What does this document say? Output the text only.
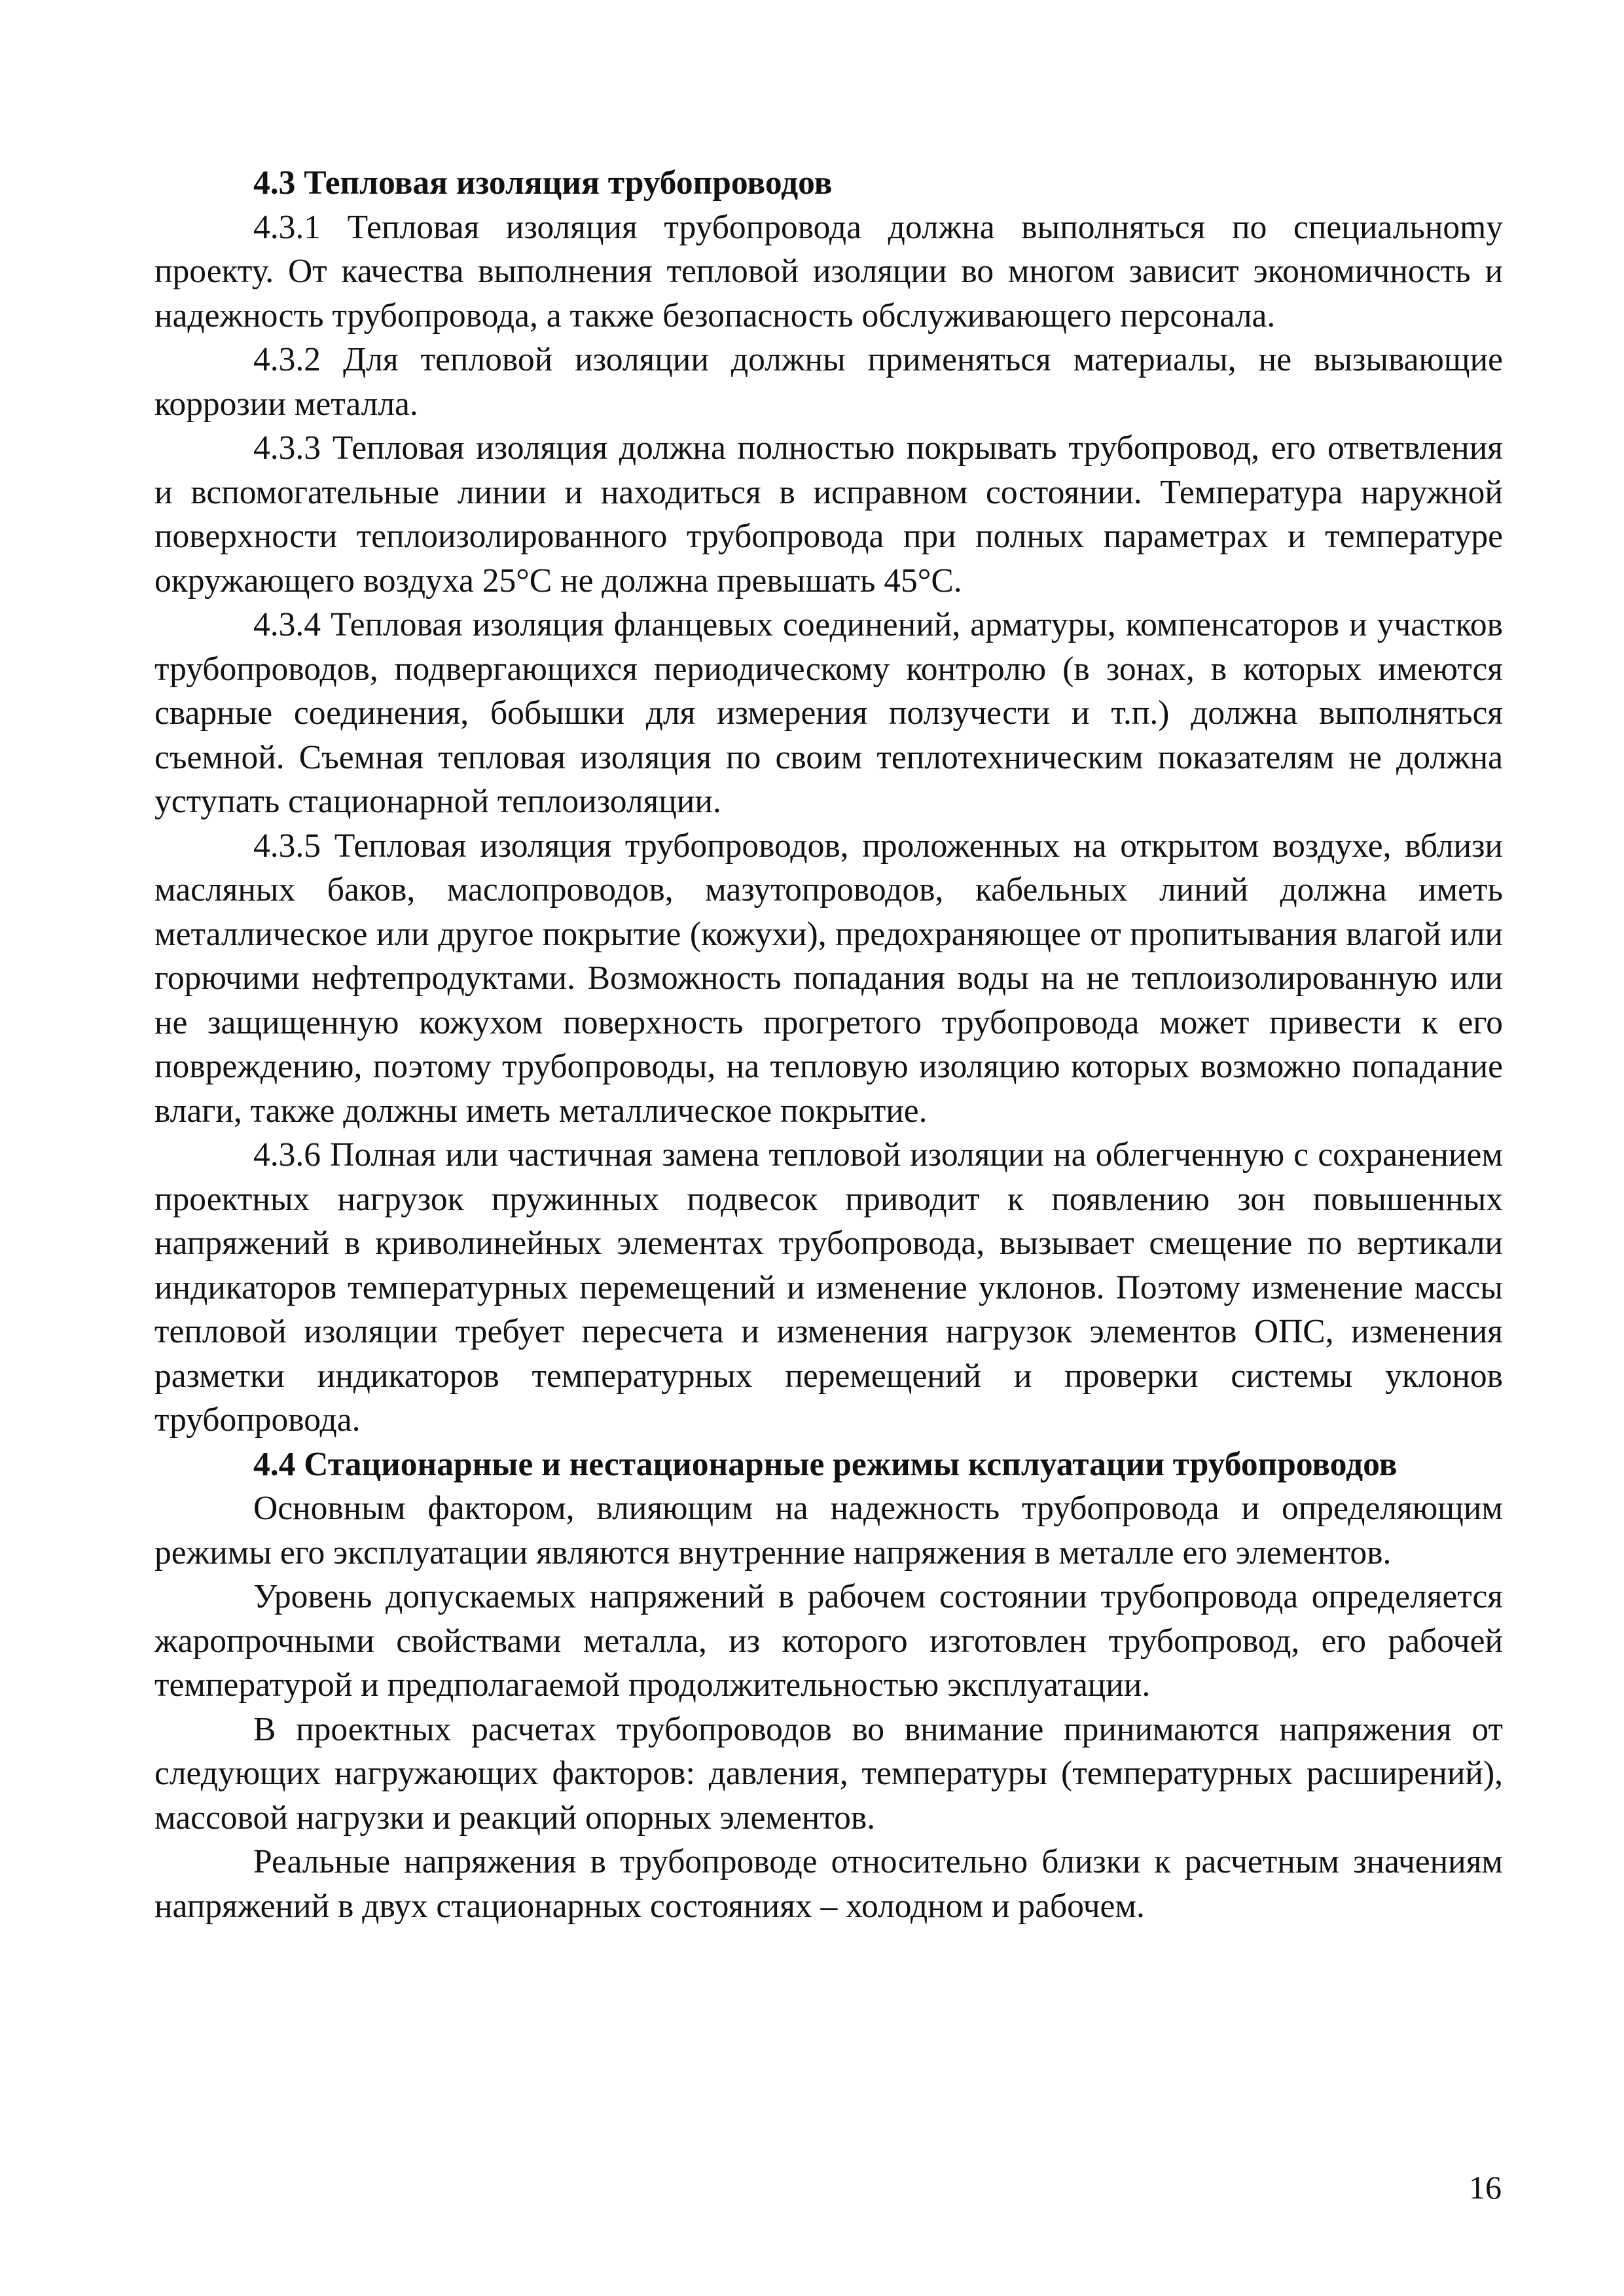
4.3 Тепловая изоляция трубопроводов

4.3.1 Тепловая изоляция трубопровода должна выполняться по специальноmу проекту. От качества выполнения тепловой изоляции во многом зависит экономичность и надежность трубопровода, а также безопасность обслуживающего персонала.

4.3.2 Для тепловой изоляции должны применяться материалы, не вызывающие коррозии металла.

4.3.3 Тепловая изоляция должна полностью покрывать трубопровод, его ответвления и вспомогательные линии и находиться в исправном состоянии. Температура наружной поверхности теплоизолированного трубопровода при полных параметрах и температуре окружающего воздуха 25°С не должна превышать 45°С.

4.3.4 Тепловая изоляция фланцевых соединений, арматуры, компенсаторов и участков трубопроводов, подвергающихся периодическому контролю (в зонах, в которых имеются сварные соединения, бобышки для измерения ползучести и т.п.) должна выполняться съемной. Съемная тепловая изоляция по своим теплотехническим показателям не должна уступать стационарной теплоизоляции.

4.3.5 Тепловая изоляция трубопроводов, проложенных на открытом воздухе, вблизи масляных баков, маслопроводов, мазутопроводов, кабельных линий должна иметь металлическое или другое покрытие (кожухи), предохраняющее от пропитывания влагой или горючими нефтепродуктами. Возможность попадания воды на не теплоизолированную или не защищенную кожухом поверхность прогретого трубопровода может привести к его повреждению, поэтому трубопроводы, на тепловую изоляцию которых возможно попадание влаги, также должны иметь металлическое покрытие.

4.3.6 Полная или частичная замена тепловой изоляции на облегченную с сохранением проектных нагрузок пружинных подвесок приводит к появлению зон повышенных напряжений в криволинейных элементах трубопровода, вызывает смещение по вертикали индикаторов температурных перемещений и изменение уклонов. Поэтому изменение массы тепловой изоляции требует пересчета и изменения нагрузок элементов ОПС, изменения разметки индикаторов температурных перемещений и проверки системы уклонов трубопровода.

4.4 Стационарные и нестационарные режимы ксплуатации трубопроводов

Основным фактором, влияющим на надежность трубопровода и определяющим режимы его эксплуатации являются внутренние напряжения в металле его элементов.

Уровень допускаемых напряжений в рабочем состоянии трубопровода определяется жаропрочными свойствами металла, из которого изготовлен трубопровод, его рабочей температурой и предполагаемой продолжительностью эксплуатации.

В проектных расчетах трубопроводов во внимание принимаются напряжения от следующих нагружающих факторов: давления, температуры (температурных расширений), массовой нагрузки и реакций опорных элементов.

Реальные напряжения в трубопроводе относительно близки к расчетным значениям напряжений в двух стационарных состояниях – холодном и рабочем.

16
